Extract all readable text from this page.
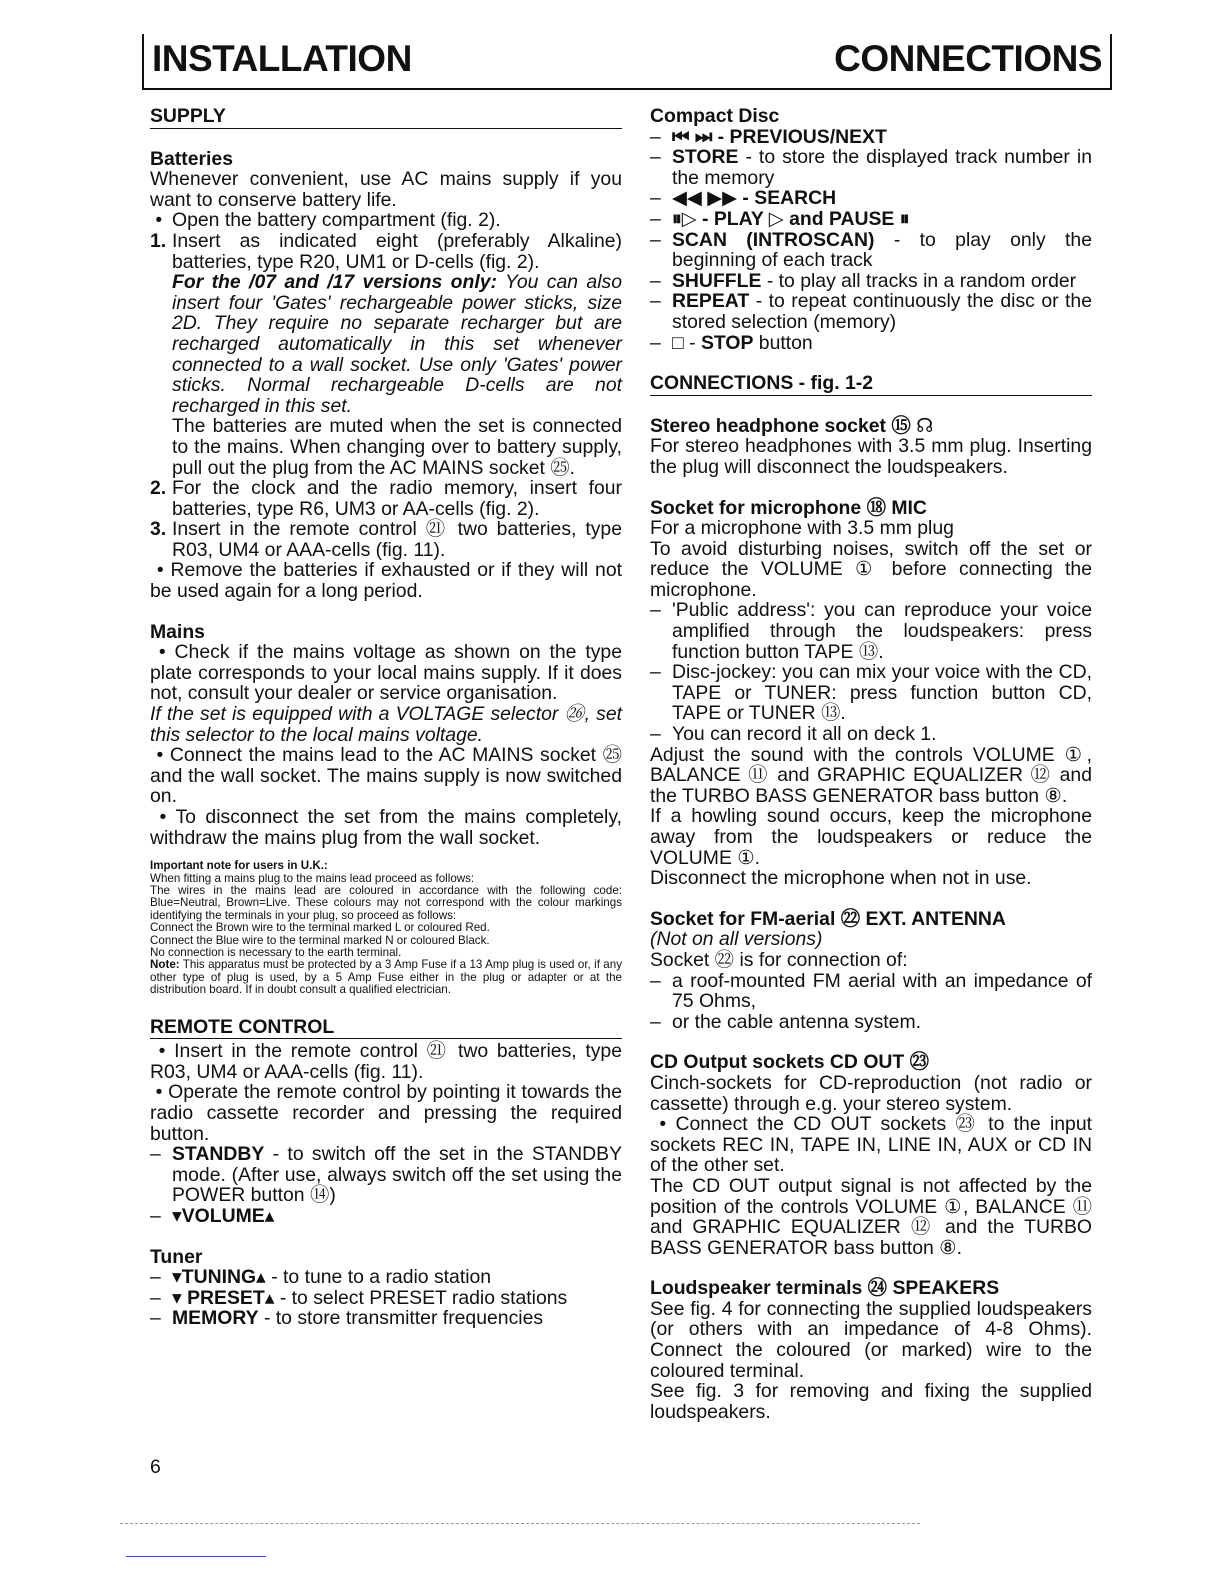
INSTALLATION	CONNECTIONS
SUPPLY
Batteries

Whenever convenient, use AC mains supply if you want to conserve battery life.

• Open the battery compartment (fig. 2).
1. Insert as indicated eight (preferably Alkaline) batteries, type R20, UM1 or D-cells (fig. 2).

For the /07 and /17 versions only: You can also insert four 'Gates' rechargeable power sticks, size 2D. They require no separate recharger but are recharged automatically in this set whenever connected to a wall socket. Use only 'Gates' power sticks. Normal rechargeable D-cells are not recharged in this set.

The batteries are muted when the set is connected to the mains. When changing over to battery supply, pull out the plug from the AC MAINS socket ㉕.

2. For the clock and the radio memory, insert four batteries, type R6, UM3 or AA-cells (fig. 2).
3. Insert in the remote control ㉑ two batteries, type R03, UM4 or AAA-cells (fig. 11).

• Remove the batteries if exhausted or if they will not be used again for a long period.

Mains

• Check if the mains voltage as shown on the type plate corresponds to your local mains supply. If it does not, consult your dealer or service organisation.

If the set is equipped with a VOLTAGE selector ㉖, set this selector to the local mains voltage.

• Connect the mains lead to the AC MAINS socket ㉕ and the wall socket. The mains supply is now switched on.

• To disconnect the set from the mains completely, withdraw the mains plug from the wall socket.

Important note for users in U.K.:
When fitting a mains plug to the mains lead proceed as follows:
The wires in the mains lead are coloured in accordance with the following code: Blue=Neutral, Brown=Live. These colours may not correspond with the colour markings identifying the terminals in your plug, so proceed as follows:
Connect the Brown wire to the terminal marked L or coloured Red.
Connect the Blue wire to the terminal marked N or coloured Black.
No connection is necessary to the earth terminal.
Note: This apparatus must be protected by a 3 Amp Fuse if a 13 Amp plug is used or, if any other type of plug is used, by a 5 Amp Fuse either in the plug or adapter or at the distribution board. If in doubt consult a qualified electrician.
REMOTE CONTROL

• Insert in the remote control ㉑ two batteries, type R03, UM4 or AAA-cells (fig. 11).

• Operate the remote control by pointing it towards the radio cassette recorder and pressing the required button.

– STANDBY - to switch off the set in the STANDBY mode. (After use, always switch off the set using the POWER button ⑭)
– ▾VOLUME▴
Tuner
– ▾TUNING▴ - to tune to a radio station
– ▾ PRESET▴ - to select PRESET radio stations
– MEMORY - to store transmitter frequencies
Compact Disc
– ⏮ ⏭ - PREVIOUS/NEXT
– STORE - to store the displayed track number in the memory
– ◀◀ ▶▶ - SEARCH
– ⏸▷ - PLAY ▷ and PAUSE ⏸
– SCAN (INTROSCAN) - to play only the beginning of each track
– SHUFFLE - to play all tracks in a random order
– REPEAT - to repeat continuously the disc or the stored selection (memory)
– □ - STOP button
CONNECTIONS - fig. 1-2
Stereo headphone socket ⑮ ☊

For stereo headphones with 3.5 mm plug. Inserting the plug will disconnect the loudspeakers.

Socket for microphone ⑱ MIC

For a microphone with 3.5 mm plug

To avoid disturbing noises, switch off the set or reduce the VOLUME ① before connecting the microphone.

– 'Public address': you can reproduce your voice amplified through the loudspeakers: press function button TAPE ⑬.
– Disc-jockey: you can mix your voice with the CD, TAPE or TUNER: press function button CD, TAPE or TUNER ⑬.
– You can record it all on deck 1.

Adjust the sound with the controls VOLUME ①, BALANCE ⑪ and GRAPHIC EQUALIZER ⑫ and the TURBO BASS GENERATOR bass button ⑧.

If a howling sound occurs, keep the microphone away from the loudspeakers or reduce the VOLUME ①.

Disconnect the microphone when not in use.

Socket for FM-aerial ㉒ EXT. ANTENNA

(Not on all versions)

Socket ㉒ is for connection of:

– a roof-mounted FM aerial with an impedance of 75 Ohms,
– or the cable antenna system.
CD Output sockets CD OUT ㉓

Cinch-sockets for CD-reproduction (not radio or cassette) through e.g. your stereo system.

• Connect the CD OUT sockets ㉓ to the input sockets REC IN, TAPE IN, LINE IN, AUX or CD IN of the other set.

The CD OUT output signal is not affected by the position of the controls VOLUME ①, BALANCE ⑪ and GRAPHIC EQUALIZER ⑫ and the TURBO BASS GENERATOR bass button ⑧.

Loudspeaker terminals ㉔ SPEAKERS

See fig. 4 for connecting the supplied loudspeakers (or others with an impedance of 4-8 Ohms). Connect the coloured (or marked) wire to the coloured terminal.

See fig. 3 for removing and fixing the supplied loudspeakers.

6
